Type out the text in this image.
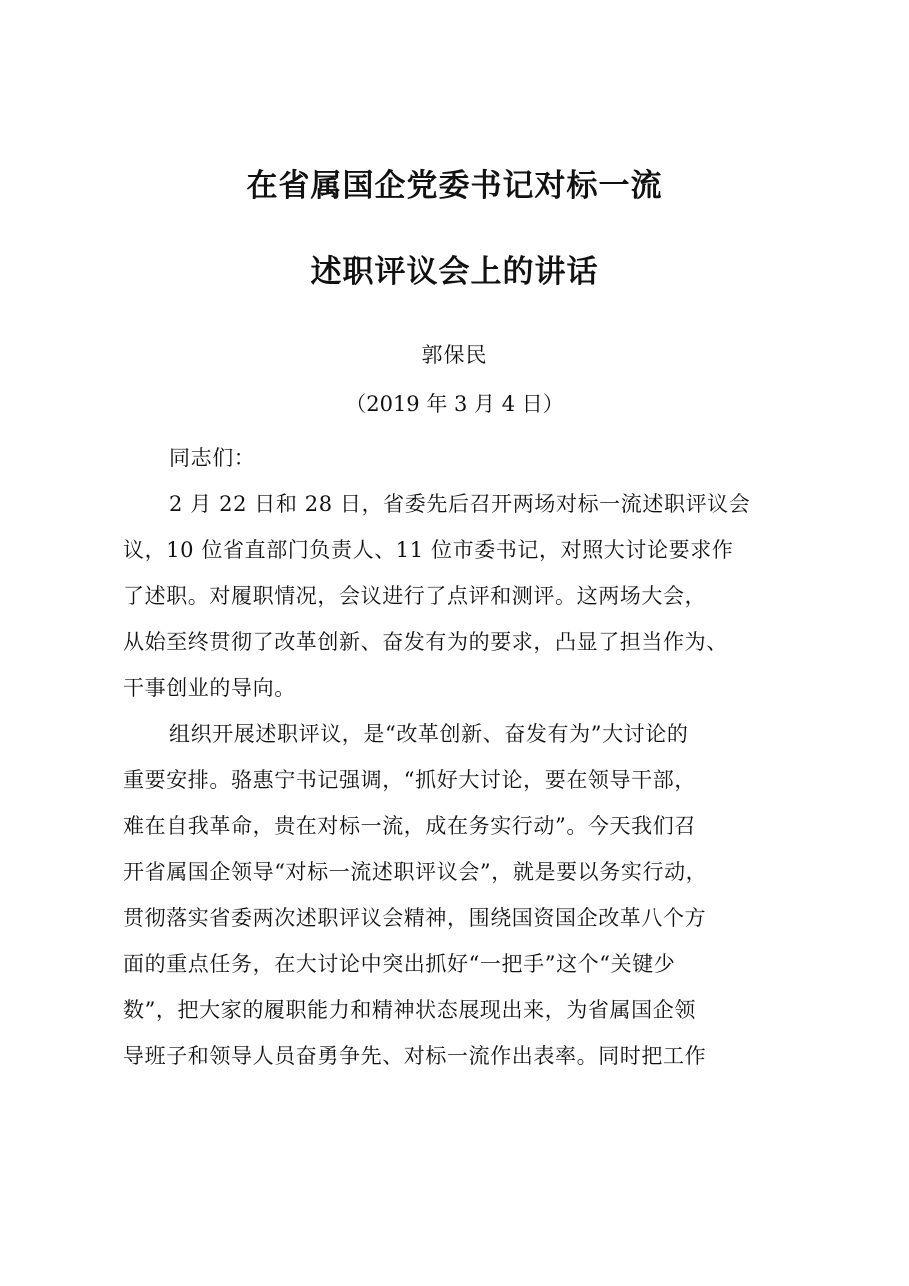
在省属国企党委书记对标一流
述职评议会上的讲话
郭保民
（2019 年 3 月 4 日）
同志们：
2 月 22 日和 28 日，省委先后召开两场对标一流述职评议会
议，10 位省直部门负责人、11 位市委书记，对照大讨论要求作
了述职。对履职情况，会议进行了点评和测评。这两场大会，
从始至终贯彻了改革创新、奋发有为的要求，凸显了担当作为、
干事创业的导向。
组织开展述职评议，是“改革创新、奋发有为”大讨论的
重要安排。骆惠宁书记强调，“抓好大讨论，要在领导干部，
难在自我革命，贵在对标一流，成在务实行动”。今天我们召
开省属国企领导“对标一流述职评议会”，就是要以务实行动，
贯彻落实省委两次述职评议会精神，围绕国资国企改革八个方
面的重点任务，在大讨论中突出抓好“一把手”这个“关键少
数”，把大家的履职能力和精神状态展现出来，为省属国企领
导班子和领导人员奋勇争先、对标一流作出表率。同时把工作
